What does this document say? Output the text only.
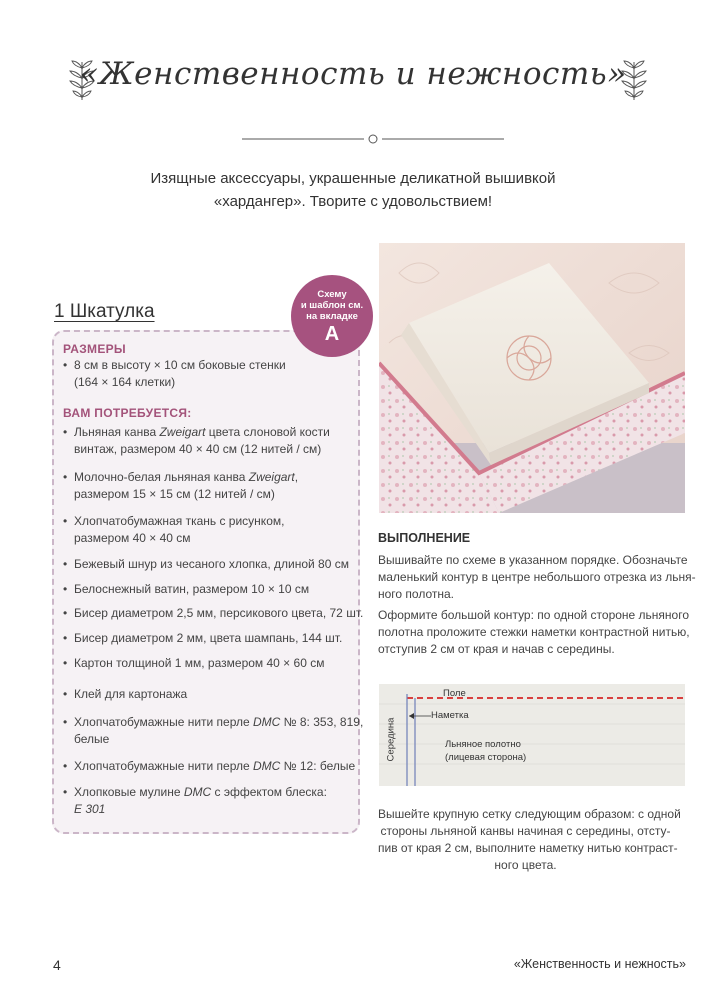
«Женственность и нежность»
Изящные аксессуары, украшенные деликатной вышивкой
«хардангер». Творите с удовольствием!
1 Шкатулка
Схему
и шаблон см.
на вкладке
А
РАЗМЕРЫ
• 8 см в высоту × 10 см боковые стенки
(164 × 164 клетки)
ВАМ ПОТРЕБУЕТСЯ:
• Льняная канва Zweigart цвета слоновой кости
винтаж, размером 40 × 40 см (12 нитей / см)
• Молочно-белая льняная канва Zweigart,
размером 15 × 15 см (12 нитей / см)
• Хлопчатобумажная ткань с рисунком,
размером 40 × 40 см
• Бежевый шнур из чесаного хлопка, длиной 80 см
• Белоснежный ватин, размером 10 × 10 см
• Бисер диаметром 2,5 мм, персикового цвета, 72 шт.
• Бисер диаметром 2 мм, цвета шампань, 144 шт.
• Картон толщиной 1 мм, размером 40 × 60 см
• Клей для картонажа
• Хлопчатобумажные нити перле DMC № 8: 353, 819,
белые
• Хлопчатобумажные нити перле DMC № 12: белые
• Хлопковые мулине DMC с эффектом блеска:
E 301
ВЫПОЛНЕНИЕ
Вышивайте по схеме в указанном порядке. Обозначьте
маленький контур в центре небольшого отрезка из льня-
ного полотна.
Оформите большой контур: по одной стороне льняного
полотна проложите стежки наметки контрастной нитью,
отступив 2 см от края и начав с середины.
Поле
Наметка
Середина	Льняное полотно
(лицевая сторона)
Вышейте крупную сетку следующим образом: с одной
стороны льняной канвы начиная с середины, отсту-
пив от края 2 см, выполните наметку нитью контраст-
ного цвета.
4	«Женственность и нежность»
